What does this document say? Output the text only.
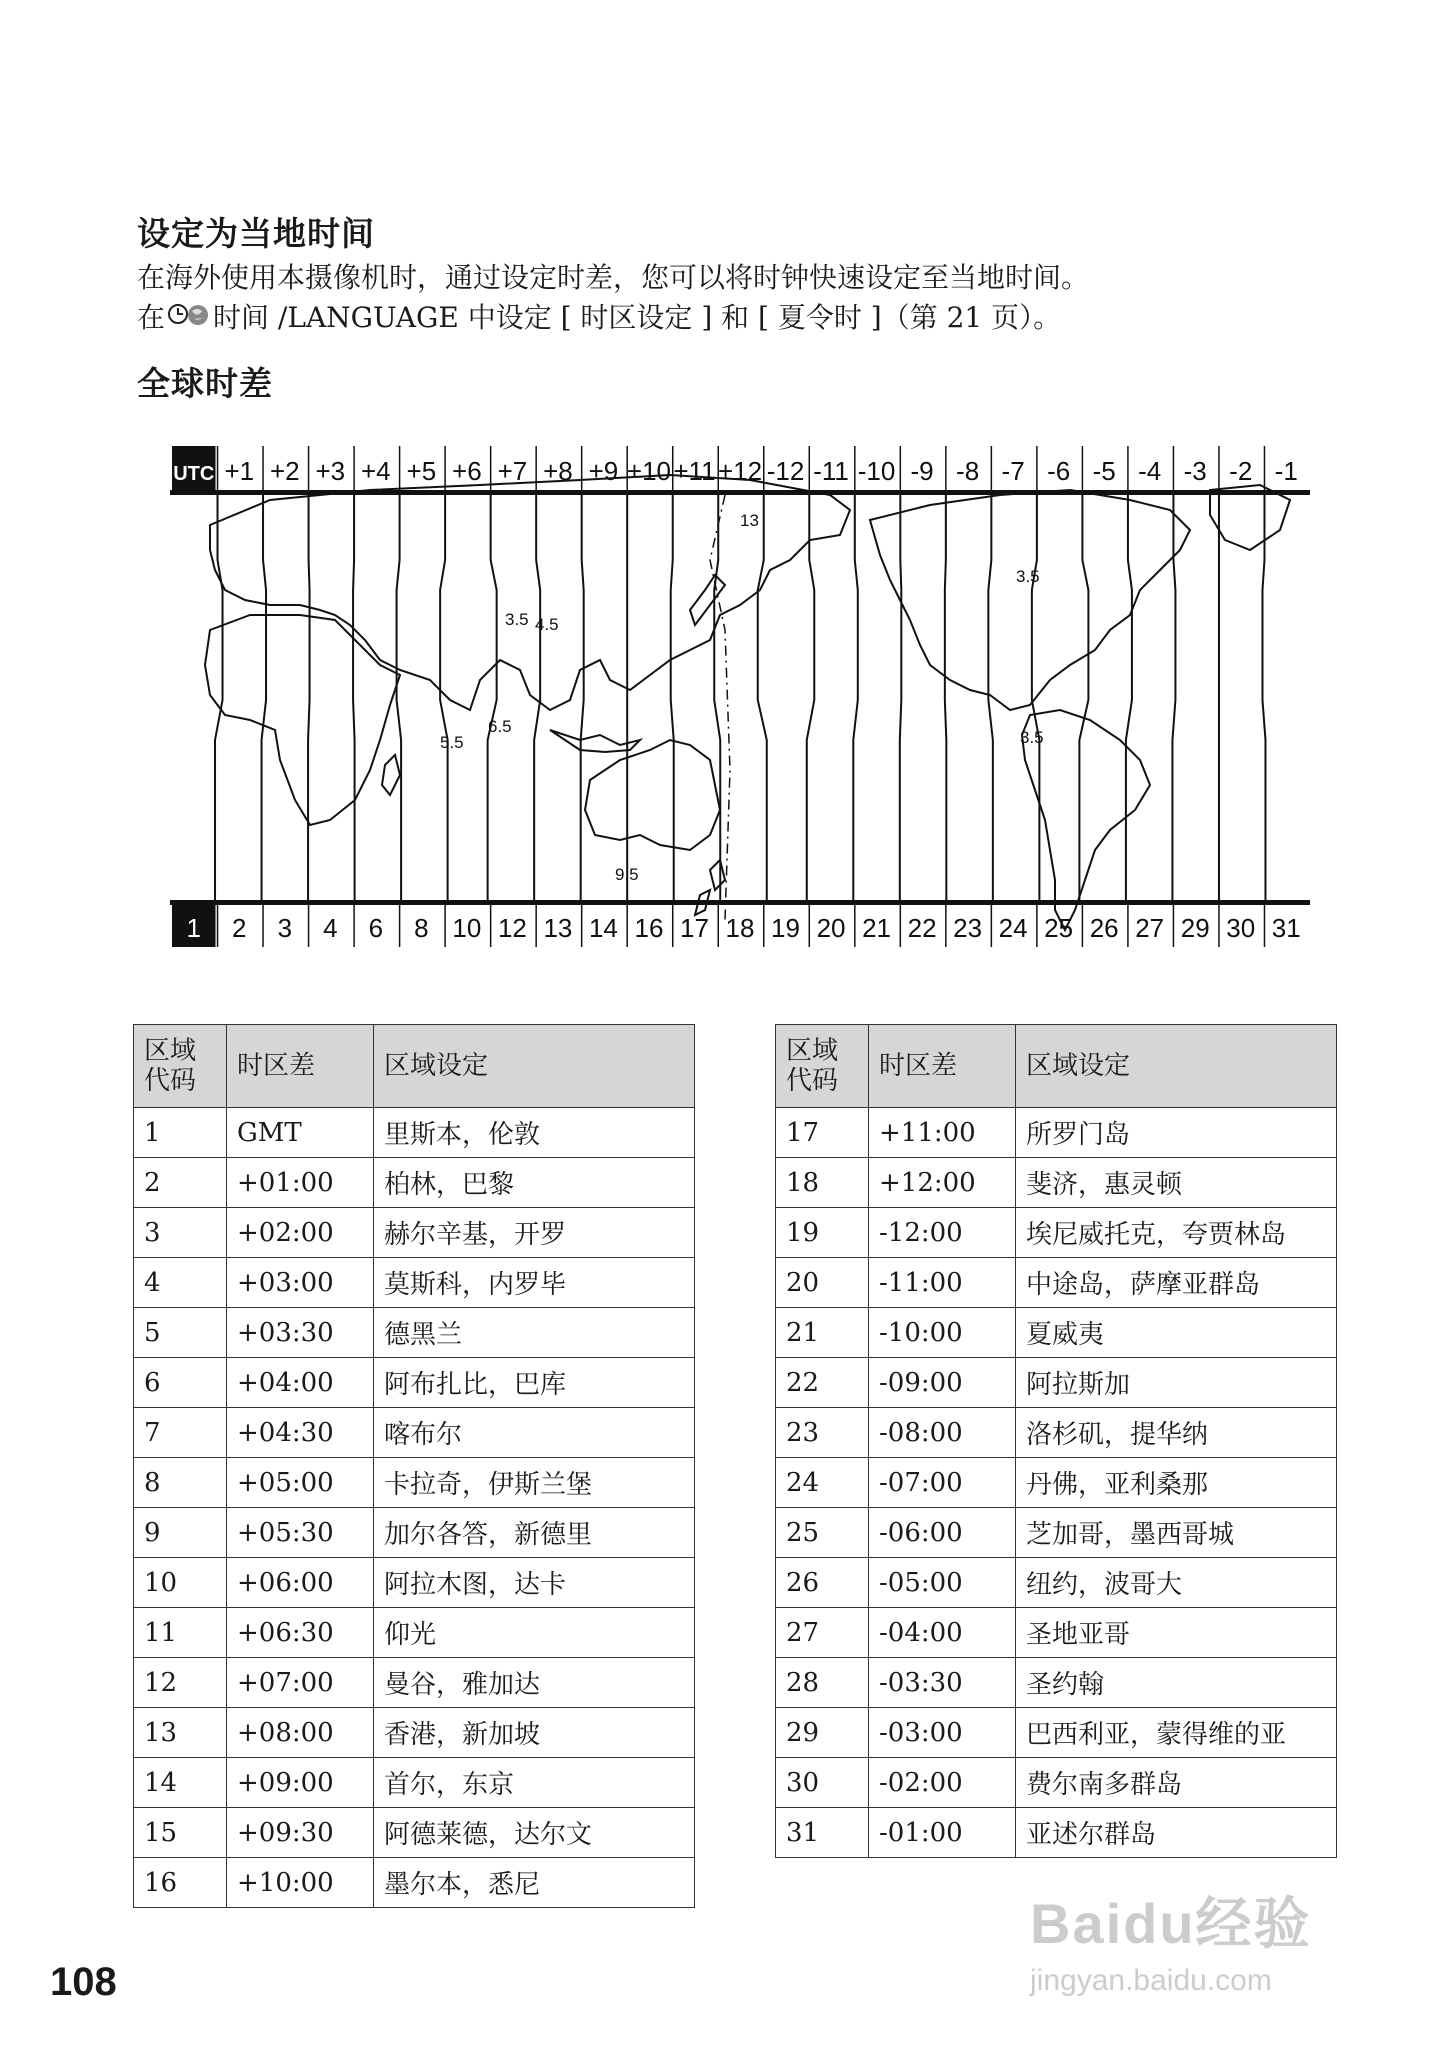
设定为当地时间
在海外使用本摄像机时，通过设定时差，您可以将时钟快速设定至当地时间。
在 时间 /LANGUAGE 中设定 [ 时区设定 ] 和 [ 夏令时 ]（第 21 页）。
全球时差
UTC +1 +2 +3 +4 +5 +6 +7 +8 +9 +10 +11 +12 -12 -11 -10 -9 -8 -7 -6 -5 -4 -3 -2 -1
1 2 3 4 6 8 10 12 13 14 16 17 18 19 20 21 22 23 24 25 26 27 29 30 31
13
3.5 4.5
5.5
6.5
9.5
3.5
3.5
区域
代码	时区差	区域设定
1	GMT	里斯本，伦敦
2	+01:00	柏林，巴黎
3	+02:00	赫尔辛基，开罗
4	+03:00	莫斯科，内罗毕
5	+03:30	德黑兰
6	+04:00	阿布扎比，巴库
7	+04:30	喀布尔
8	+05:00	卡拉奇，伊斯兰堡
9	+05:30	加尔各答，新德里
10	+06:00	阿拉木图，达卡
11	+06:30	仰光
12	+07:00	曼谷，雅加达
13	+08:00	香港，新加坡
14	+09:00	首尔，东京
15	+09:30	阿德莱德，达尔文
16	+10:00	墨尔本，悉尼
区域
代码	时区差	区域设定
17	+11:00	所罗门岛
18	+12:00	斐济，惠灵顿
19	-12:00	埃尼威托克，夸贾林岛
20	-11:00	中途岛，萨摩亚群岛
21	-10:00	夏威夷
22	-09:00	阿拉斯加
23	-08:00	洛杉矶，提华纳
24	-07:00	丹佛，亚利桑那
25	-06:00	芝加哥，墨西哥城
26	-05:00	纽约，波哥大
27	-04:00	圣地亚哥
28	-03:30	圣约翰
29	-03:00	巴西利亚，蒙得维的亚
30	-02:00	费尔南多群岛
31	-01:00	亚述尔群岛
108
Baidu经验
jingyan.baidu.com
